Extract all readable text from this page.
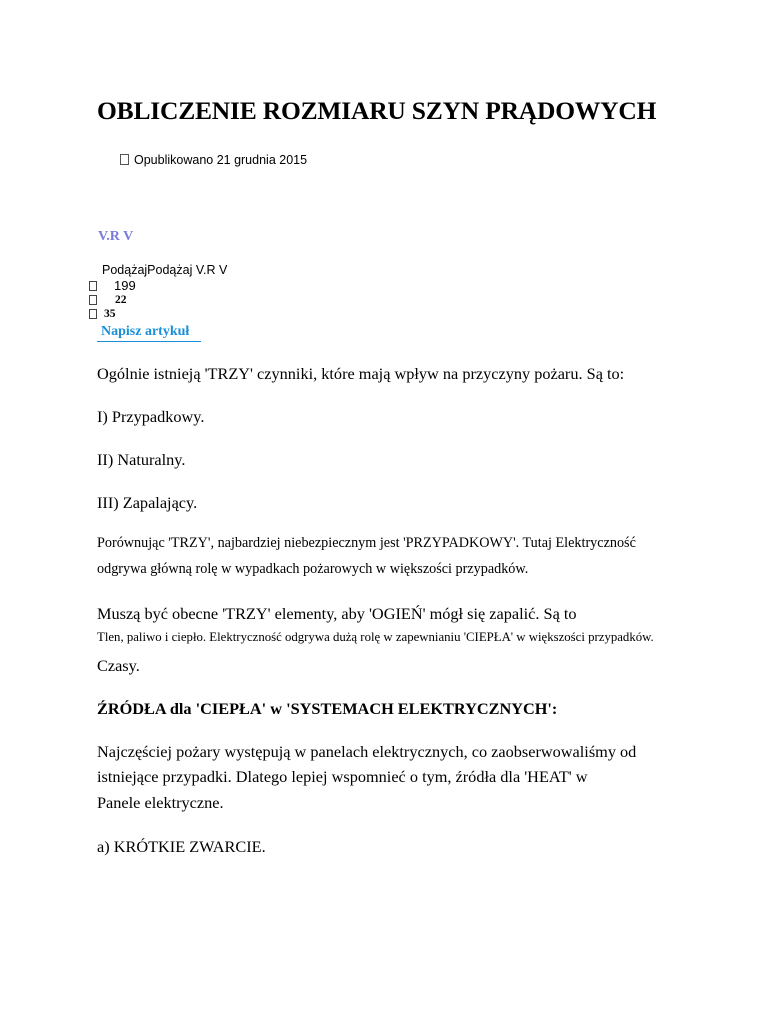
OBLICZENIE ROZMIARU SZYN PRĄDOWYCH
Opublikowano 21 grudnia 2015
V.R V
PodążajPodążaj V.R V
199
22
35
Napisz artykuł
Ogólnie istnieją 'TRZY' czynniki, które mają wpływ na przyczyny pożaru. Są to:
I) Przypadkowy.
II) Naturalny.
III) Zapalający.
Porównując 'TRZY', najbardziej niebezpiecznym jest 'PRZYPADKOWY'. Tutaj Elektryczność
odgrywa główną rolę w wypadkach pożarowych w większości przypadków.
Muszą być obecne 'TRZY' elementy, aby 'OGIEŃ' mógł się zapalić. Są to
Tlen, paliwo i ciepło. Elektryczność odgrywa dużą rolę w zapewnianiu 'CIEPŁA' w większości przypadków.
Czasy.
ŹRÓDŁA dla 'CIEPŁA' w 'SYSTEMACH ELEKTRYCZNYCH':
Najczęściej pożary występują w panelach elektrycznych, co zaobserwowaliśmy od
istniejące przypadki. Dlatego lepiej wspomnieć o tym, źródła dla 'HEAT' w
Panele elektryczne.
a) KRÓTKIE ZWARCIE.
